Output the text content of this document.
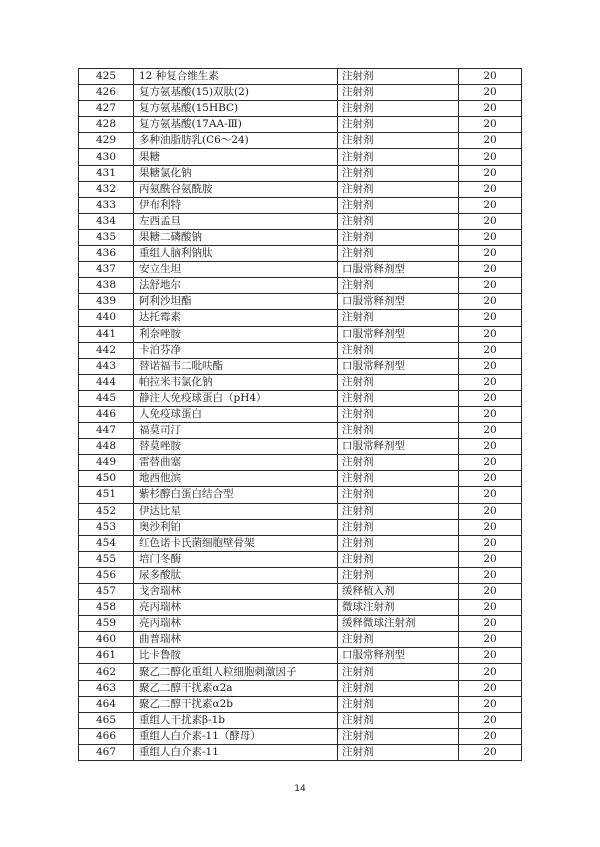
425	12 种复合维生素	注射剂	20
426	复方氨基酸(15)双肽(2)	注射剂	20
427	复方氨基酸(15HBC)	注射剂	20
428	复方氨基酸(17AA-Ⅲ)	注射剂	20
429	多种油脂肪乳(C6～24)	注射剂	20
430	果糖	注射剂	20
431	果糖氯化钠	注射剂	20
432	丙氨酰谷氨酰胺	注射剂	20
433	伊布利特	注射剂	20
434	左西孟旦	注射剂	20
435	果糖二磷酸钠	注射剂	20
436	重组人脑利钠肽	注射剂	20
437	安立生坦	口服常释剂型	20
438	法舒地尔	注射剂	20
439	阿利沙坦酯	口服常释剂型	20
440	达托霉素	注射剂	20
441	利奈唑胺	口服常释剂型	20
442	卡泊芬净	注射剂	20
443	替诺福韦二吡呋酯	口服常释剂型	20
444	帕拉米韦氯化钠	注射剂	20
445	静注人免疫球蛋白（pH4）	注射剂	20
446	人免疫球蛋白	注射剂	20
447	福莫司汀	注射剂	20
448	替莫唑胺	口服常释剂型	20
449	雷替曲塞	注射剂	20
450	地西他滨	注射剂	20
451	紫杉醇白蛋白结合型	注射剂	20
452	伊达比星	注射剂	20
453	奥沙利铂	注射剂	20
454	红色诺卡氏菌细胞壁骨架	注射剂	20
455	培门冬酶	注射剂	20
456	尿多酸肽	注射剂	20
457	戈舍瑞林	缓释植入剂	20
458	亮丙瑞林	微球注射剂	20
459	亮丙瑞林	缓释微球注射剂	20
460	曲普瑞林	注射剂	20
461	比卡鲁胺	口服常释剂型	20
462	聚乙二醇化重组人粒细胞刺激因子	注射剂	20
463	聚乙二醇干扰素α2a	注射剂	20
464	聚乙二醇干扰素α2b	注射剂	20
465	重组人干扰素β-1b	注射剂	20
466	重组人白介素-11（酵母）	注射剂	20
467	重组人白介素-11	注射剂	20
14
